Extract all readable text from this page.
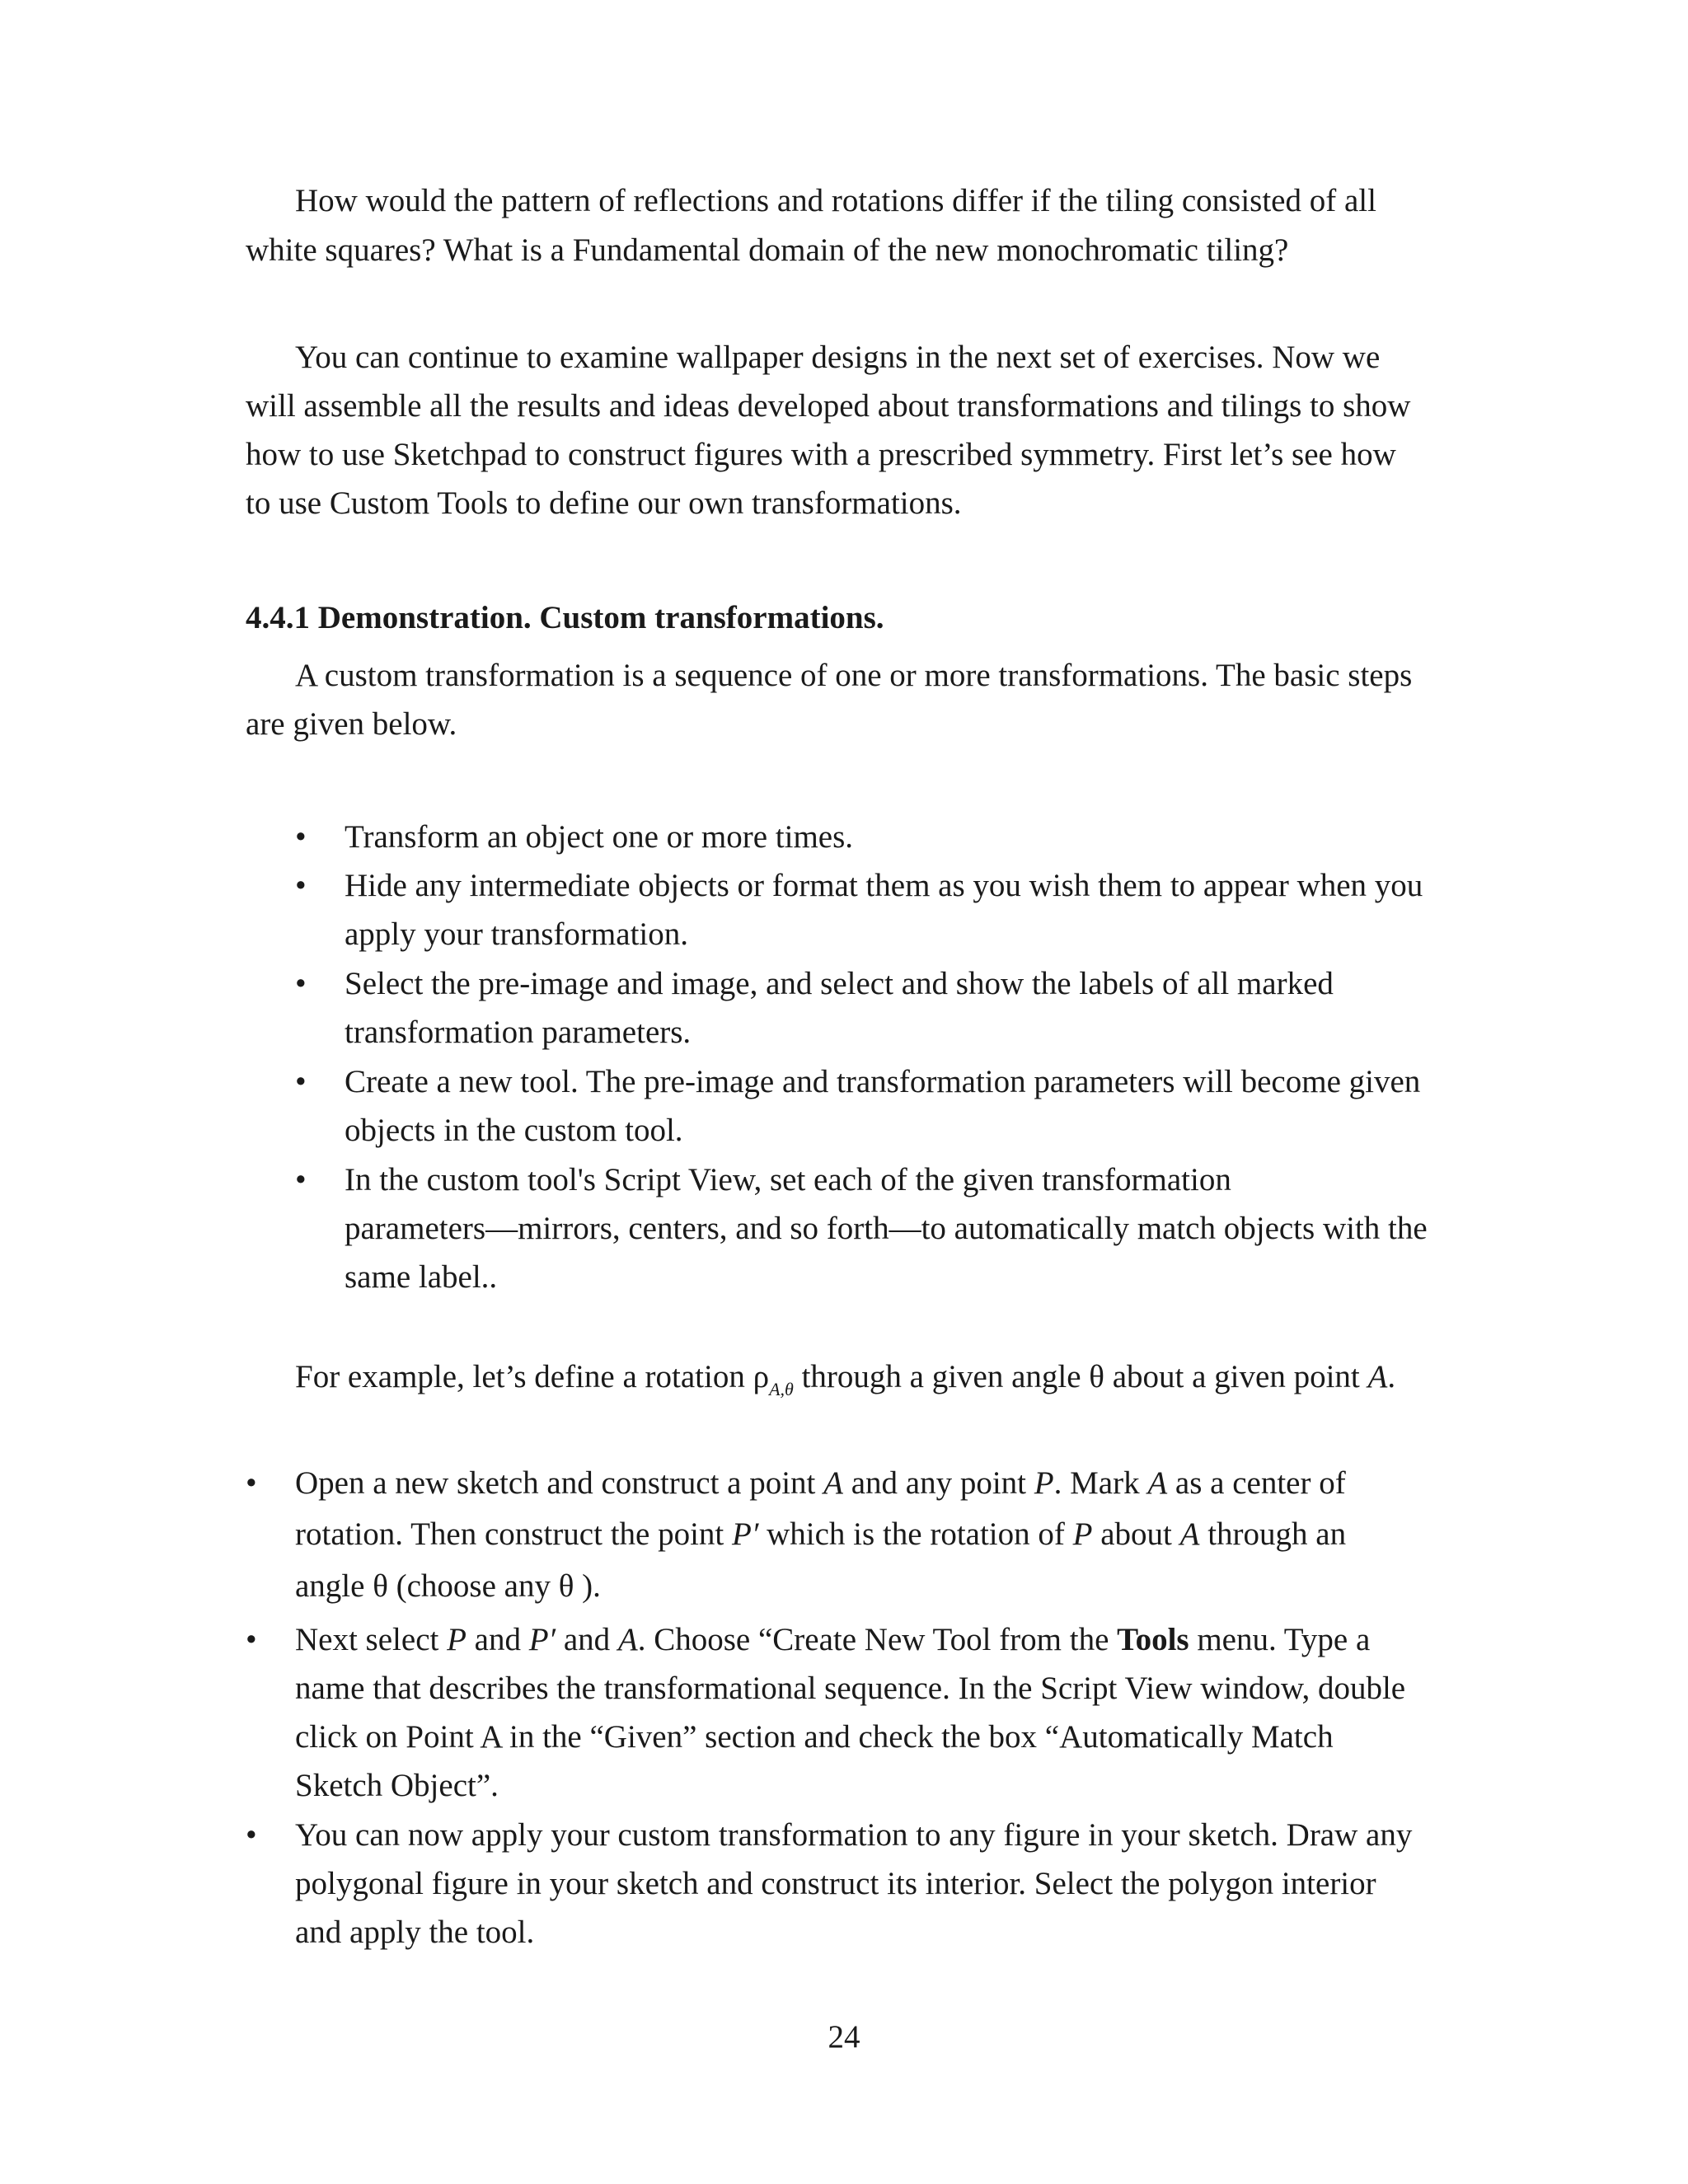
How would the pattern of reflections and rotations differ if the tiling consisted of all
white squares? What is a Fundamental domain of the new monochromatic tiling?
You can continue to examine wallpaper designs in the next set of exercises. Now we
will assemble all the results and ideas developed about transformations and tilings to show
how to use Sketchpad to construct figures with a prescribed symmetry. First let’s see how
to use Custom Tools to define our own transformations.
4.4.1 Demonstration. Custom transformations.
A custom transformation is a sequence of one or more transformations. The basic steps
are given below.
• Transform an object one or more times.
• Hide any intermediate objects or format them as you wish them to appear when you
apply your transformation.
• Select the pre-image and image, and select and show the labels of all marked
transformation parameters.
• Create a new tool. The pre-image and transformation parameters will become given
objects in the custom tool.
• In the custom tool's Script View, set each of the given transformation
parameters—mirrors, centers, and so forth—to automatically match objects with the
same label..
For example, let’s define a rotation $\rho_{A,\theta}$ through a given angle θ about a given point A.
• Open a new sketch and construct a point A and any point P. Mark A as a center of
rotation. Then construct the point P′ which is the rotation of P about A through an
angle θ (choose any θ ).
• Next select P and P′ and A. Choose “Create New Tool from the Tools menu. Type a
name that describes the transformational sequence. In the Script View window, double
click on Point A in the “Given” section and check the box “Automatically Match
Sketch Object”.
• You can now apply your custom transformation to any figure in your sketch. Draw any
polygonal figure in your sketch and construct its interior. Select the polygon interior
and apply the tool.
24
